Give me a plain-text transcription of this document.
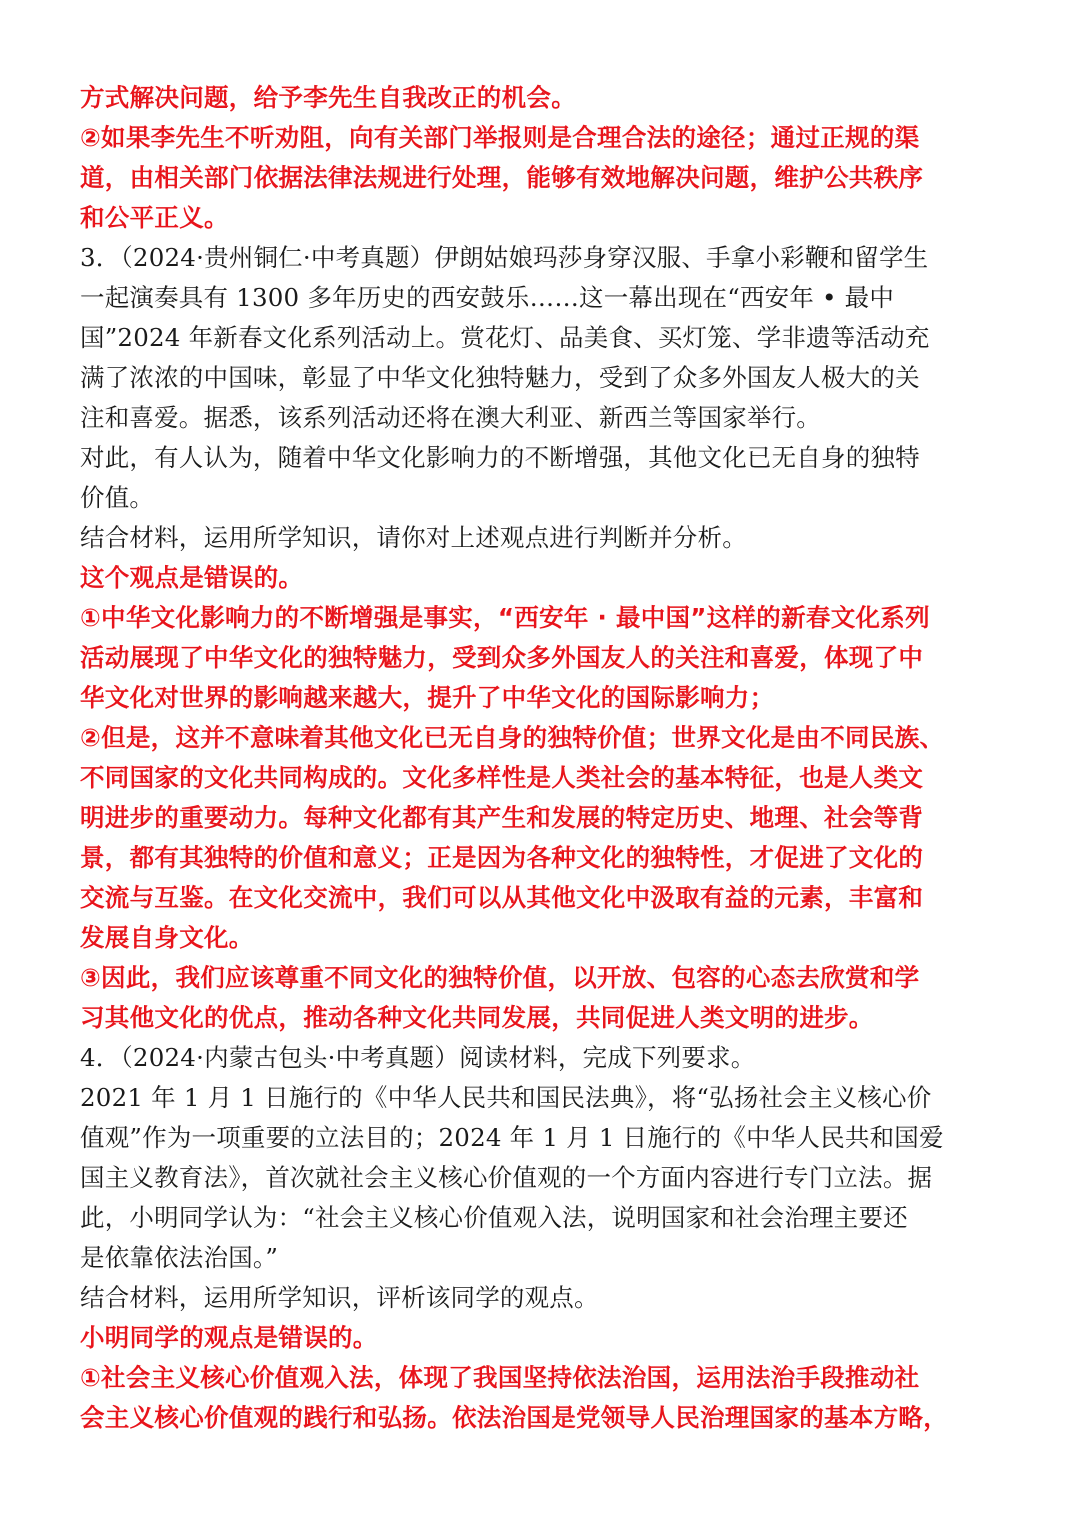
方式解决问题，给予李先生自我改正的机会。
②如果李先生不听劝阻，向有关部门举报则是合理合法的途径；通过正规的渠
道，由相关部门依据法律法规进行处理，能够有效地解决问题，维护公共秩序
和公平正义。
3．（2024·贵州铜仁·中考真题）伊朗姑娘玛莎身穿汉服、手拿小彩鞭和留学生
一起演奏具有 1300 多年历史的西安鼓乐……这一幕出现在“西安年 • 最中
国”2024 年新春文化系列活动上。赏花灯、品美食、买灯笼、学非遗等活动充
满了浓浓的中国味，彰显了中华文化独特魅力，受到了众多外国友人极大的关
注和喜爱。据悉，该系列活动还将在澳大利亚、新西兰等国家举行。
对此，有人认为，随着中华文化影响力的不断增强，其他文化已无自身的独特
价值。
结合材料，运用所学知识，请你对上述观点进行判断并分析。
这个观点是错误的。
①中华文化影响力的不断增强是事实，“西安年 · 最中国”这样的新春文化系列
活动展现了中华文化的独特魅力，受到众多外国友人的关注和喜爱，体现了中
华文化对世界的影响越来越大，提升了中华文化的国际影响力；
②但是，这并不意味着其他文化已无自身的独特价值；世界文化是由不同民族、
不同国家的文化共同构成的。文化多样性是人类社会的基本特征，也是人类文
明进步的重要动力。每种文化都有其产生和发展的特定历史、地理、社会等背
景，都有其独特的价值和意义；正是因为各种文化的独特性，才促进了文化的
交流与互鉴。在文化交流中，我们可以从其他文化中汲取有益的元素，丰富和
发展自身文化。
③因此，我们应该尊重不同文化的独特价值，以开放、包容的心态去欣赏和学
习其他文化的优点，推动各种文化共同发展，共同促进人类文明的进步。
4．（2024·内蒙古包头·中考真题）阅读材料，完成下列要求。
2021 年 1 月 1 日施行的《中华人民共和国民法典》，将“弘扬社会主义核心价
值观”作为一项重要的立法目的；2024 年 1 月 1 日施行的《中华人民共和国爱
国主义教育法》，首次就社会主义核心价值观的一个方面内容进行专门立法。据
此，小明同学认为：“社会主义核心价值观入法，说明国家和社会治理主要还
是依靠依法治国。”
结合材料，运用所学知识，评析该同学的观点。
小明同学的观点是错误的。
①社会主义核心价值观入法，体现了我国坚持依法治国，运用法治手段推动社
会主义核心价值观的践行和弘扬。依法治国是党领导人民治理国家的基本方略，
